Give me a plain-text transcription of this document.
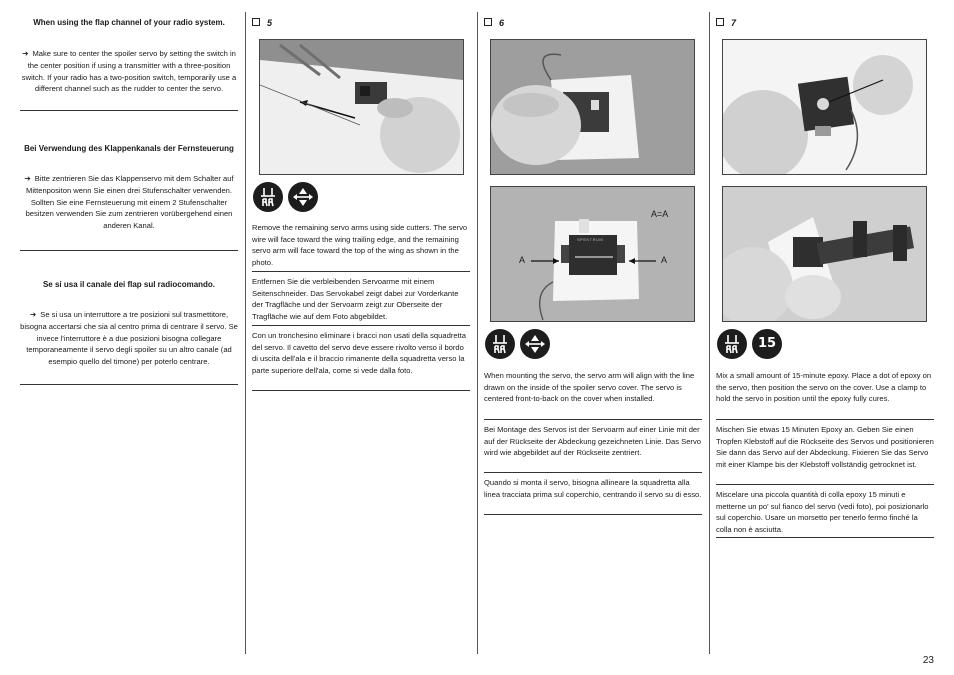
When using the flap channel of your radio system.
➔ Make sure to center the spoiler servo by setting the switch in the center position if using a transmitter with a three-position switch. If your radio has a two-position switch, temporarily use a different channel such as the rudder to center the servo.
Bei Verwendung des Klappenkanals der Fernsteuerung
➔ Bitte zentrieren Sie das Klappenservo mit dem Schalter auf Mittenpositon wenn Sie einen drei Stufenschalter verwenden. Sollten Sie eine Fernsteuerung mit einem 2 Stufenschalter besitzen verwenden Sie zum zentrieren vorübergehend einen anderen Kanal.
Se si usa il canale dei flap sul radiocomando.
➔ Se si usa un interruttore a tre posizioni sul trasmettitore, bisogna accertarsi che sia al centro prima di centrare il servo. Se invece l'interruttore è a due posizioni bisogna collegare temporaneamente il servo degli spoiler su un altro canale (ad esempio quello del timone) per poterlo centrare.
5
Remove the remaining servo arms using side cutters. The servo wire will face toward the wing trailing edge, and the remaining servo arm will face toward the top of the wing as shown in the photo.
Entfernen Sie die verbleibenden Servoarme mit einem Seitenschneider. Das Servokabel zeigt dabei zur Vorderkante der Tragfläche und der Servoarm zeigt zur Oberseite der Tragfläche wie auf dem Foto abgebildet.
Con un tronchesino eliminare i bracci non usati della squadretta del servo. Il cavetto del servo deve essere rivolto verso il bordo di uscita dell'ala e il braccio rimanente della squadretta verso la parte superiore dell'ala, come si vede dalla foto.
6
A=A
A	A
SPEKTRUM
When mounting the servo, the servo arm will align with the line drawn on the inside of the spoiler servo cover. The servo is centered front-to-back on the cover when installed.
Bei Montage des Servos ist der Servoarm auf einer Linie mit der auf der Rückseite der Abdeckung gezeichneten Linie. Das Servo wird wie abgebildet auf der Rückseite zentriert.
Quando si monta il servo, bisogna allineare la squadretta alla linea tracciata prima sul coperchio, centrando il servo su di esso.
7
15
Mix a small amount of 15-minute epoxy. Place a dot of epoxy on the servo, then position the servo on the cover. Use a clamp to hold the servo in position until the epoxy fully cures.
Mischen Sie etwas 15 Minuten Epoxy an. Geben Sie einen Tropfen Klebstoff auf die Rückseite des Servos und positionieren Sie dann das Servo auf der Abdeckung. Fixieren Sie das Servo mit einer Klampe bis der Klebstoff vollständig getrocknet ist.
Miscelare una piccola quantità di colla epoxy 15 minuti e metterne un po' sul fianco del servo (vedi foto), poi posizionarlo sul coperchio. Usare un morsetto per tenerlo fermo finché la colla non è asciutta.
23
